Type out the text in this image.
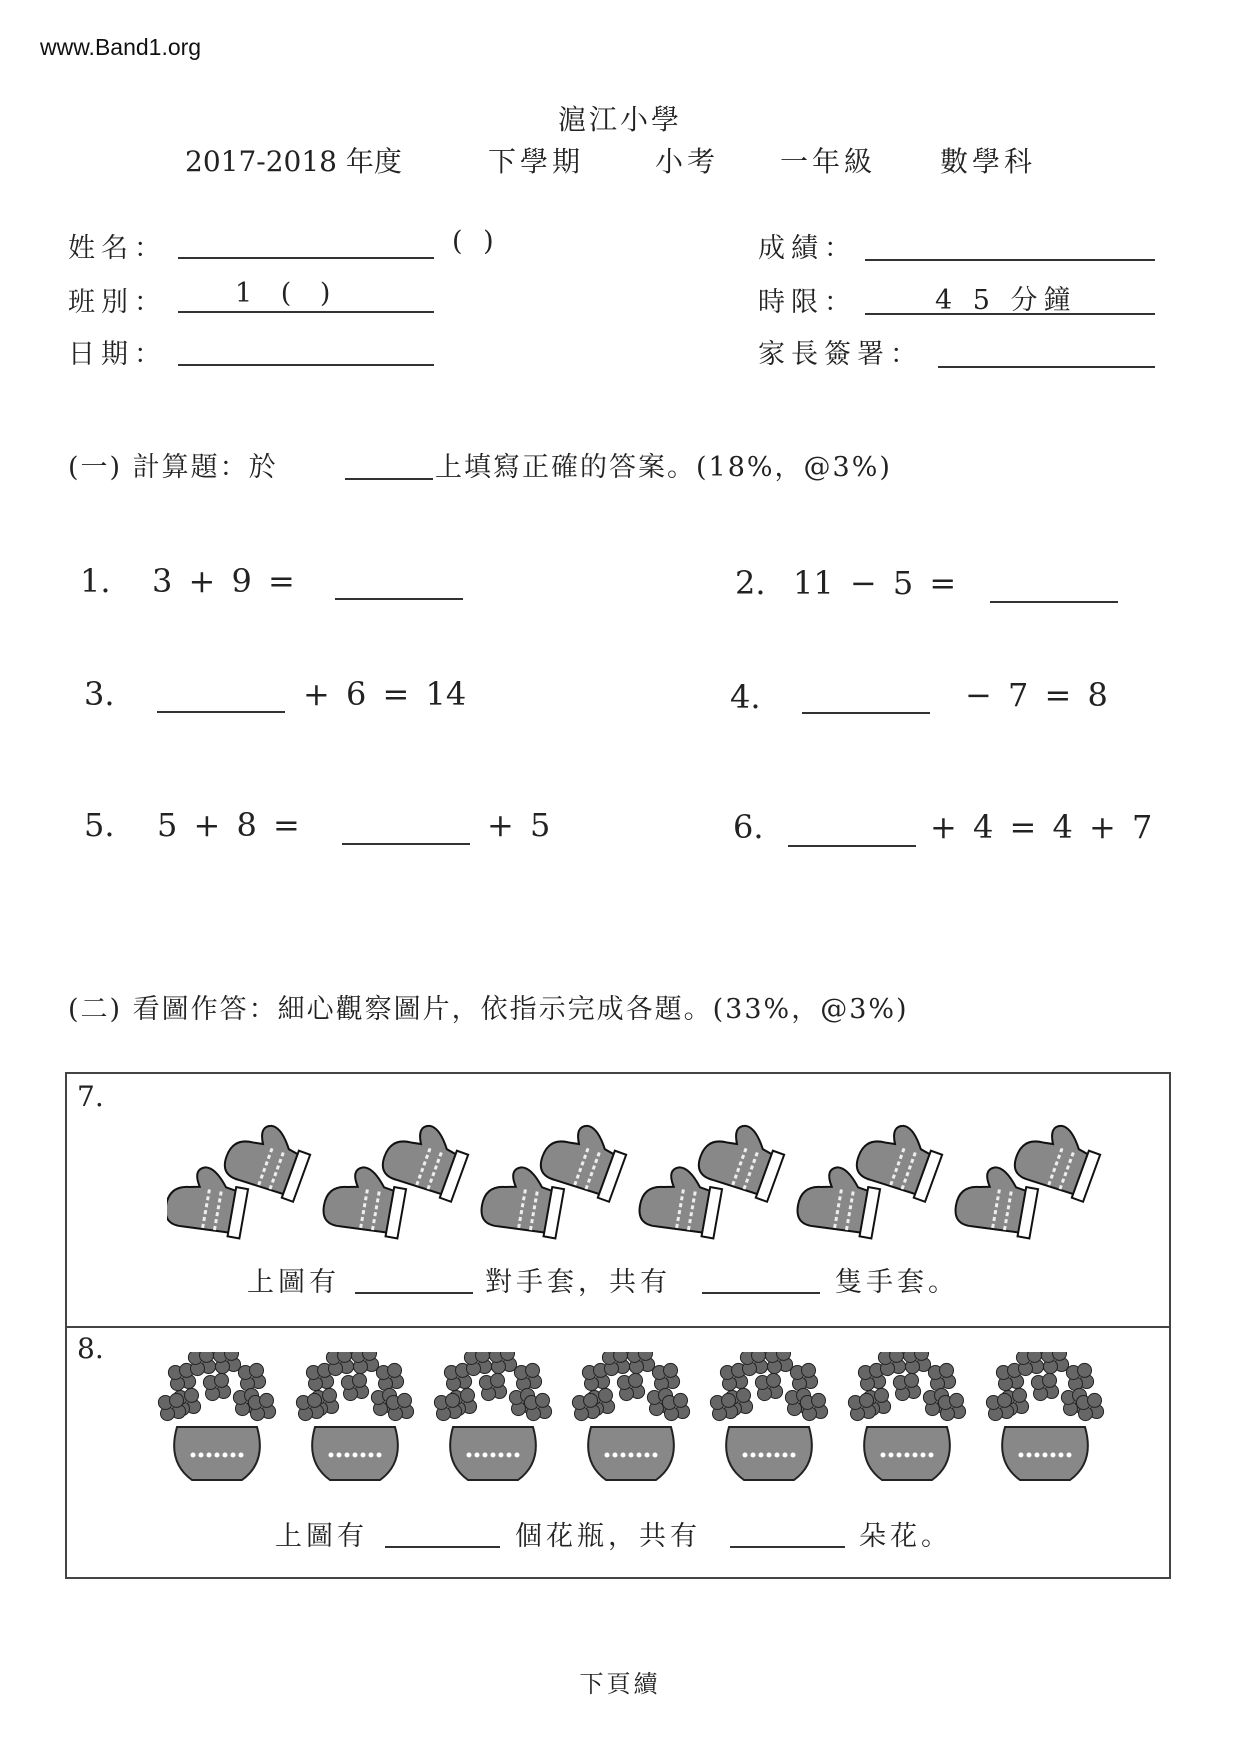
www.Band1.org
滬江小學
2017-2018 年度	下學期	小考 一年級 數學科
姓名：	( )
班別：	1 ( )
日期：
成績：
時限：	4 5 分鐘
家長簽署：
(一) 計算題：於	上填寫正確的答案。(18%，@3%)
1. 3 + 9 =	2. 11 − 5 =
3.	+ 6 = 14	4.	− 7 = 8
5. 5 + 8 =	+ 5	6.	+ 4 = 4 + 7
(二) 看圖作答：細心觀察圖片，依指示完成各題。(33%，@3%)
7.
上圖有	對手套，共有	隻手套。
8.
上圖有	個花瓶，共有	朵花。
下頁續
